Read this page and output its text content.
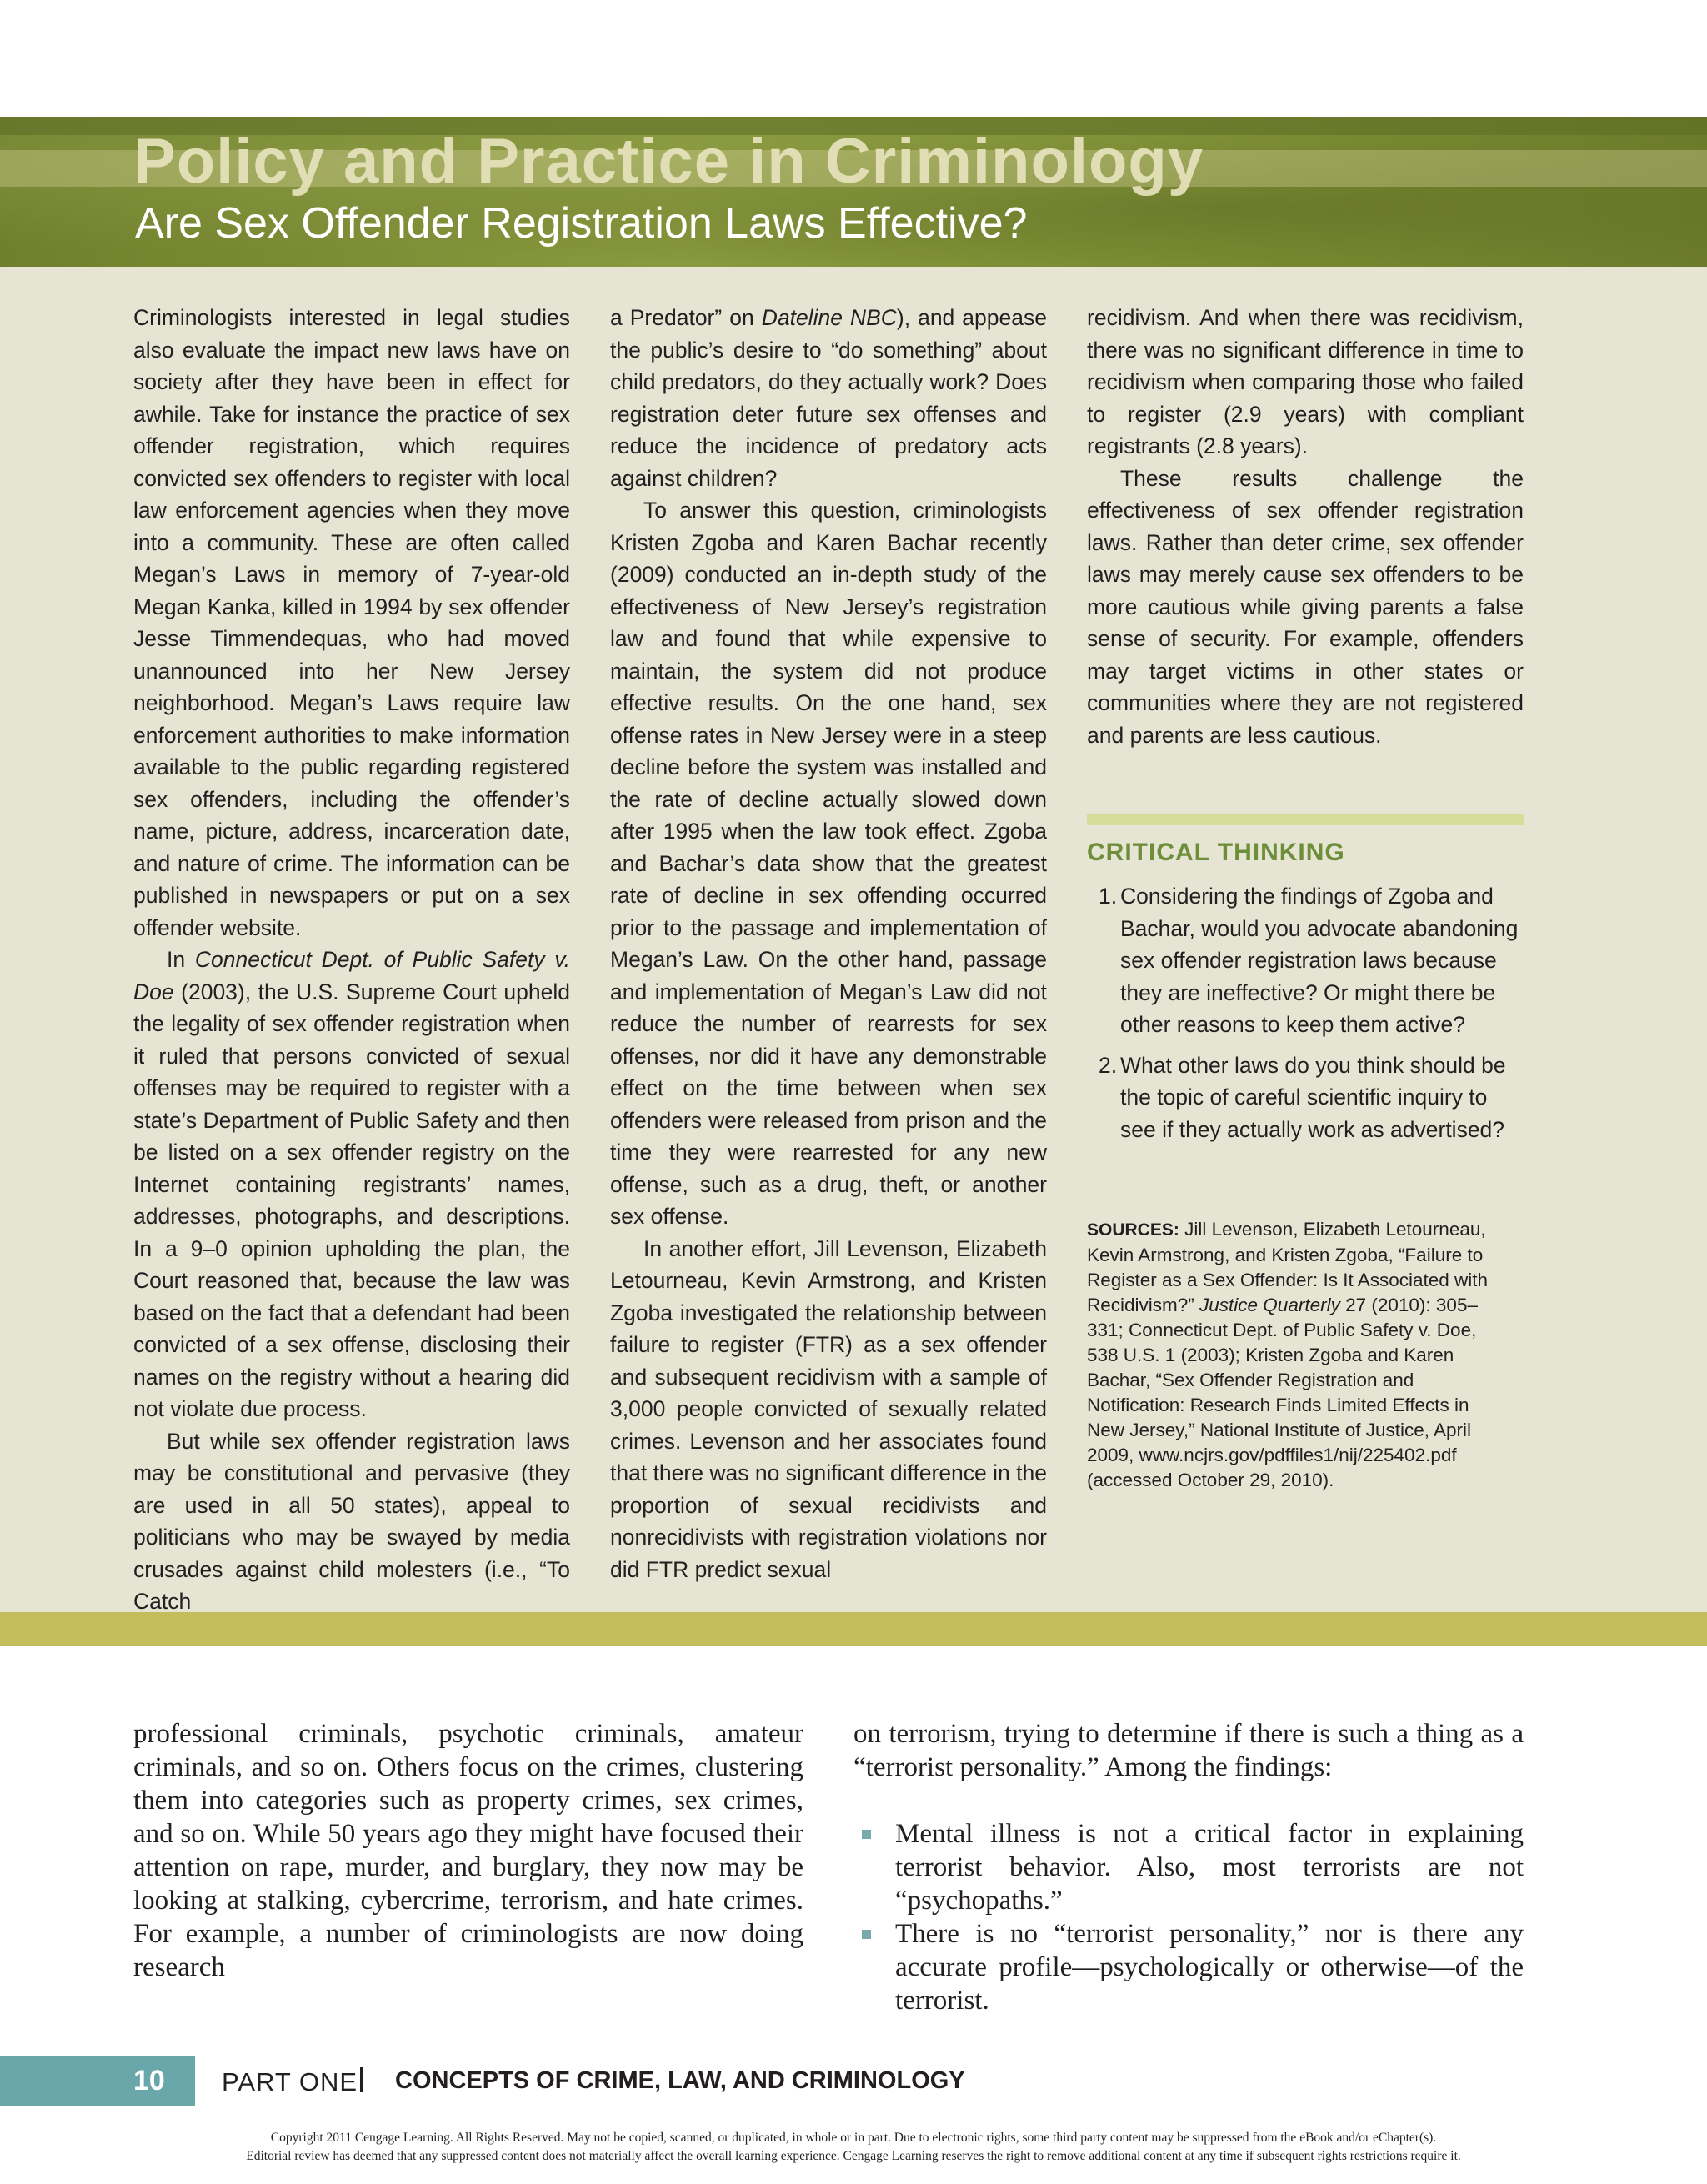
Policy and Practice in Criminology
Are Sex Offender Registration Laws Effective?

Criminologists interested in legal studies also evaluate the impact new laws have on society after they have been in effect for awhile. Take for instance the practice of sex offender registration, which requires convicted sex offenders to register with local law enforcement agencies when they move into a community. These are often called Megan’s Laws in memory of 7-year-old Megan Kanka, killed in 1994 by sex offender Jesse Timmendequas, who had moved unannounced into her New Jersey neighborhood. Megan’s Laws require law enforcement authorities to make information available to the public regarding registered sex offenders, including the offender’s name, picture, address, incarceration date, and nature of crime. The information can be published in newspapers or put on a sex offender website.

In Connecticut Dept. of Public Safety v. Doe (2003), the U.S. Supreme Court upheld the legality of sex offender registration when it ruled that persons convicted of sexual offenses may be required to register with a state’s Department of Public Safety and then be listed on a sex offender registry on the Internet containing registrants’ names, addresses, photographs, and descriptions. In a 9–0 opinion upholding the plan, the Court reasoned that, because the law was based on the fact that a defendant had been convicted of a sex offense, disclosing their names on the registry without a hearing did not violate due process.

But while sex offender registration laws may be constitutional and pervasive (they are used in all 50 states), appeal to politicians who may be swayed by media crusades against child molesters (i.e., “To Catch

a Predator” on Dateline NBC), and appease the public’s desire to “do something” about child predators, do they actually work? Does registration deter future sex offenses and reduce the incidence of predatory acts against children?

To answer this question, criminologists Kristen Zgoba and Karen Bachar recently (2009) conducted an in-depth study of the effectiveness of New Jersey’s registration law and found that while expensive to maintain, the system did not produce effective results. On the one hand, sex offense rates in New Jersey were in a steep decline before the system was installed and the rate of decline actually slowed down after 1995 when the law took effect. Zgoba and Bachar’s data show that the greatest rate of decline in sex offending occurred prior to the passage and implementation of Megan’s Law. On the other hand, passage and implementation of Megan’s Law did not reduce the number of rearrests for sex offenses, nor did it have any demonstrable effect on the time between when sex offenders were released from prison and the time they were rearrested for any new offense, such as a drug, theft, or another sex offense.

In another effort, Jill Levenson, Elizabeth Letourneau, Kevin Armstrong, and Kristen Zgoba investigated the relationship between failure to register (FTR) as a sex offender and subsequent recidivism with a sample of 3,000 people convicted of sexually related crimes. Levenson and her associates found that there was no significant difference in the proportion of sexual recidivists and nonrecidivists with registration violations nor did FTR predict sexual

recidivism. And when there was recidivism, there was no significant difference in time to recidivism when comparing those who failed to register (2.9 years) with compliant registrants (2.8 years).

These results challenge the effectiveness of sex offender registration laws. Rather than deter crime, sex offender laws may merely cause sex offenders to be more cautious while giving parents a false sense of security. For example, offenders may target victims in other states or communities where they are not registered and parents are less cautious.

CRITICAL THINKING
1. Considering the findings of Zgoba and Bachar, would you advocate abandoning sex offender registration laws because they are ineffective? Or might there be other reasons to keep them active?
2. What other laws do you think should be the topic of careful scientific inquiry to see if they actually work as advertised?
SOURCES: Jill Levenson, Elizabeth Letourneau, Kevin Armstrong, and Kristen Zgoba, “Failure to Register as a Sex Offender: Is It Associated with Recidivism?” Justice Quarterly 27 (2010): 305–331; Connecticut Dept. of Public Safety v. Doe, 538 U.S. 1 (2003); Kristen Zgoba and Karen Bachar, “Sex Offender Registration and Notification: Research Finds Limited Effects in New Jersey,” National Institute of Justice, April 2009, www.ncjrs.gov/pdffiles1/nij/225402.pdf (accessed October 29, 2010).

professional criminals, psychotic criminals, amateur criminals, and so on. Others focus on the crimes, clustering them into categories such as property crimes, sex crimes, and so on. While 50 years ago they might have focused their attention on rape, murder, and burglary, they now may be looking at stalking, cybercrime, terrorism, and hate crimes. For example, a number of criminologists are now doing research

on terrorism, trying to determine if there is such a thing as a “terrorist personality.” Among the findings:

Mental illness is not a critical factor in explaining terrorist behavior. Also, most terrorists are not “psychopaths.”
There is no “terrorist personality,” nor is there any accurate profile—psychologically or otherwise—of the terrorist.
10 PART ONE CONCEPTS OF CRIME, LAW, AND CRIMINOLOGY
Copyright 2011 Cengage Learning. All Rights Reserved. May not be copied, scanned, or duplicated, in whole or in part. Due to electronic rights, some third party content may be suppressed from the eBook and/or eChapter(s).
Editorial review has deemed that any suppressed content does not materially affect the overall learning experience. Cengage Learning reserves the right to remove additional content at any time if subsequent rights restrictions require it.
